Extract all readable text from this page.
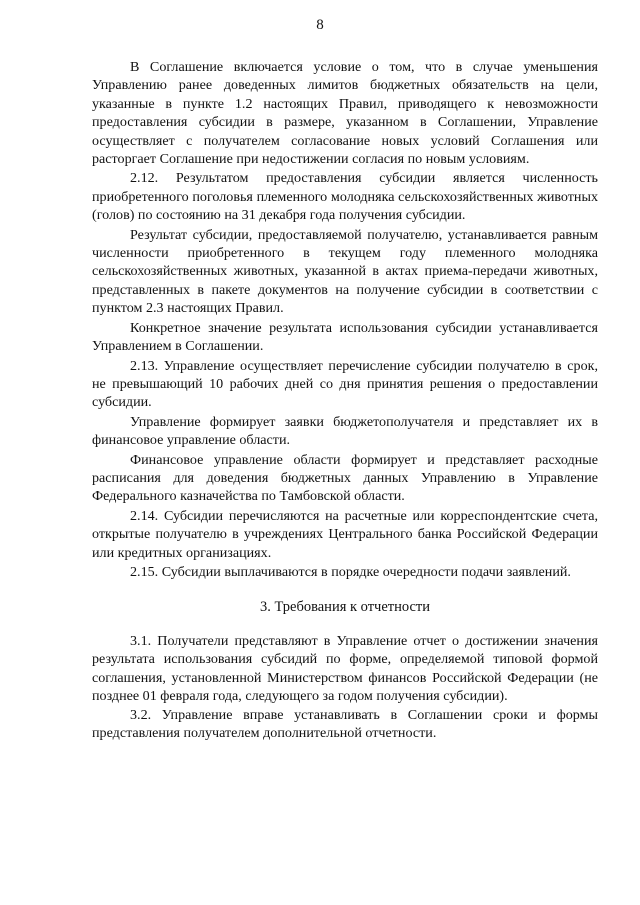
8

В Соглашение включается условие о том, что в случае уменьшения Управлению ранее доведенных лимитов бюджетных обязательств на цели, указанные в пункте 1.2 настоящих Правил, приводящего к невозможности предоставления субсидии в размере, указанном в Соглашении, Управление осуществляет с получателем согласование новых условий Соглашения или расторгает Соглашение при недостижении согласия по новым условиям.

2.12. Результатом предоставления субсидии является численность приобретенного поголовья племенного молодняка сельскохозяйственных животных (голов) по состоянию на 31 декабря года получения субсидии.

Результат субсидии, предоставляемой получателю, устанавливается равным численности приобретенного в текущем году племенного молодняка сельскохозяйственных животных, указанной в актах приема-передачи животных, представленных в пакете документов на получение субсидии в соответствии с пунктом 2.3 настоящих Правил.

Конкретное значение результата использования субсидии устанавливается Управлением в Соглашении.

2.13. Управление осуществляет перечисление субсидии получателю в срок, не превышающий 10 рабочих дней со дня принятия решения о предоставлении субсидии.

Управление формирует заявки бюджетополучателя и представляет их в финансовое управление области.

Финансовое управление области формирует и представляет расходные расписания для доведения бюджетных данных Управлению в Управление Федерального казначейства по Тамбовской области.

2.14. Субсидии перечисляются на расчетные или корреспондентские счета, открытые получателю в учреждениях Центрального банка Российской Федерации или кредитных организациях.

2.15. Субсидии выплачиваются в порядке очередности подачи заявлений.

3. Требования к отчетности

3.1. Получатели представляют в Управление отчет о достижении значения результата использования субсидий по форме, определяемой типовой формой соглашения, установленной Министерством финансов Российской Федерации (не позднее 01 февраля года, следующего за годом получения субсидии).

3.2. Управление вправе устанавливать в Соглашении сроки и формы представления получателем дополнительной отчетности.
